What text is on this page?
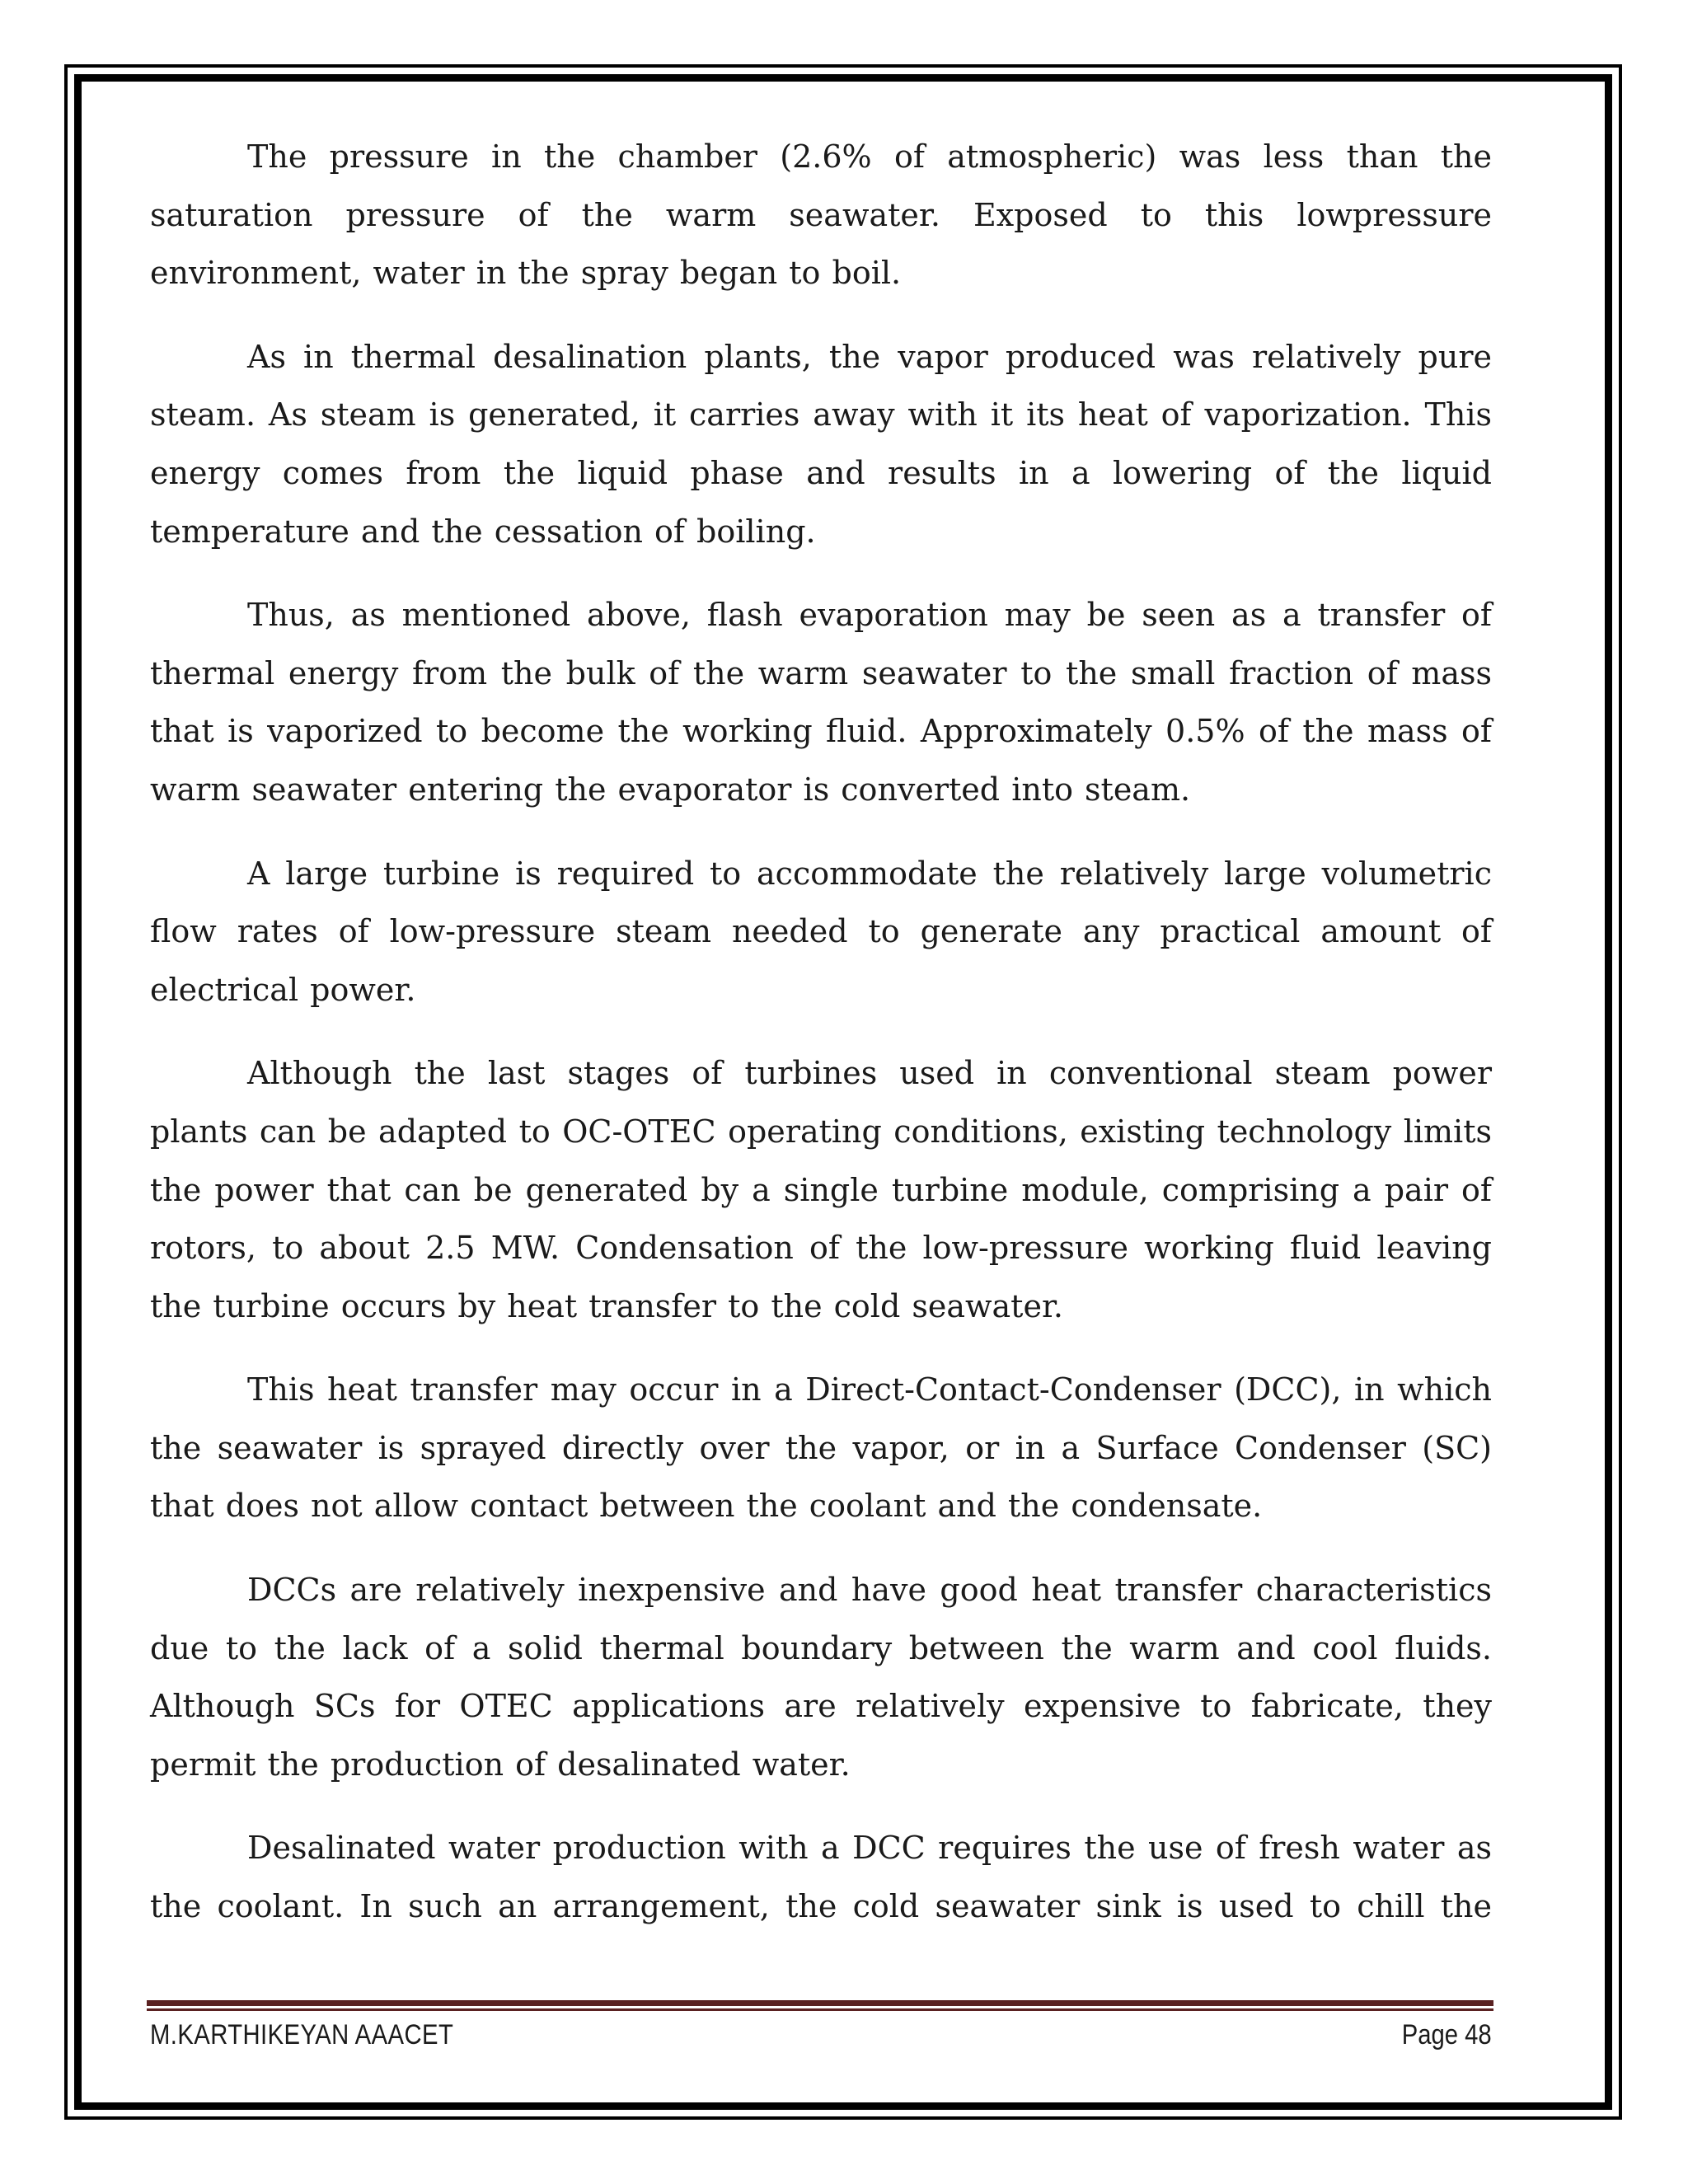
The pressure in the chamber (2.6% of atmospheric) was less than the saturation pressure of the warm seawater. Exposed to this lowpressure environment, water in the spray began to boil.

As in thermal desalination plants, the vapor produced was relatively pure steam. As steam is generated, it carries away with it its heat of vaporization. This energy comes from the liquid phase and results in a lowering of the liquid temperature and the cessation of boiling.

Thus, as mentioned above, flash evaporation may be seen as a transfer of thermal energy from the bulk of the warm seawater to the small fraction of mass that is vaporized to become the working fluid. Approximately 0.5% of the mass of warm seawater entering the evaporator is converted into steam.

A large turbine is required to accommodate the relatively large volumetric flow rates of low-pressure steam needed to generate any practical amount of electrical power.

Although the last stages of turbines used in conventional steam power plants can be adapted to OC-OTEC operating conditions, existing technology limits the power that can be generated by a single turbine module, comprising a pair of rotors, to about 2.5 MW. Condensation of the low-pressure working fluid leaving the turbine occurs by heat transfer to the cold seawater.

This heat transfer may occur in a Direct-Contact-Condenser (DCC), in which the seawater is sprayed directly over the vapor, or in a Surface Condenser (SC) that does not allow contact between the coolant and the condensate.

DCCs are relatively inexpensive and have good heat transfer characteristics due to the lack of a solid thermal boundary between the warm and cool fluids. Although SCs for OTEC applications are relatively expensive to fabricate, they permit the production of desalinated water.

Desalinated water production with a DCC requires the use of fresh water as the coolant. In such an arrangement, the cold seawater sink is used to chill the

M.KARTHIKEYAN AAACET	Page 48
